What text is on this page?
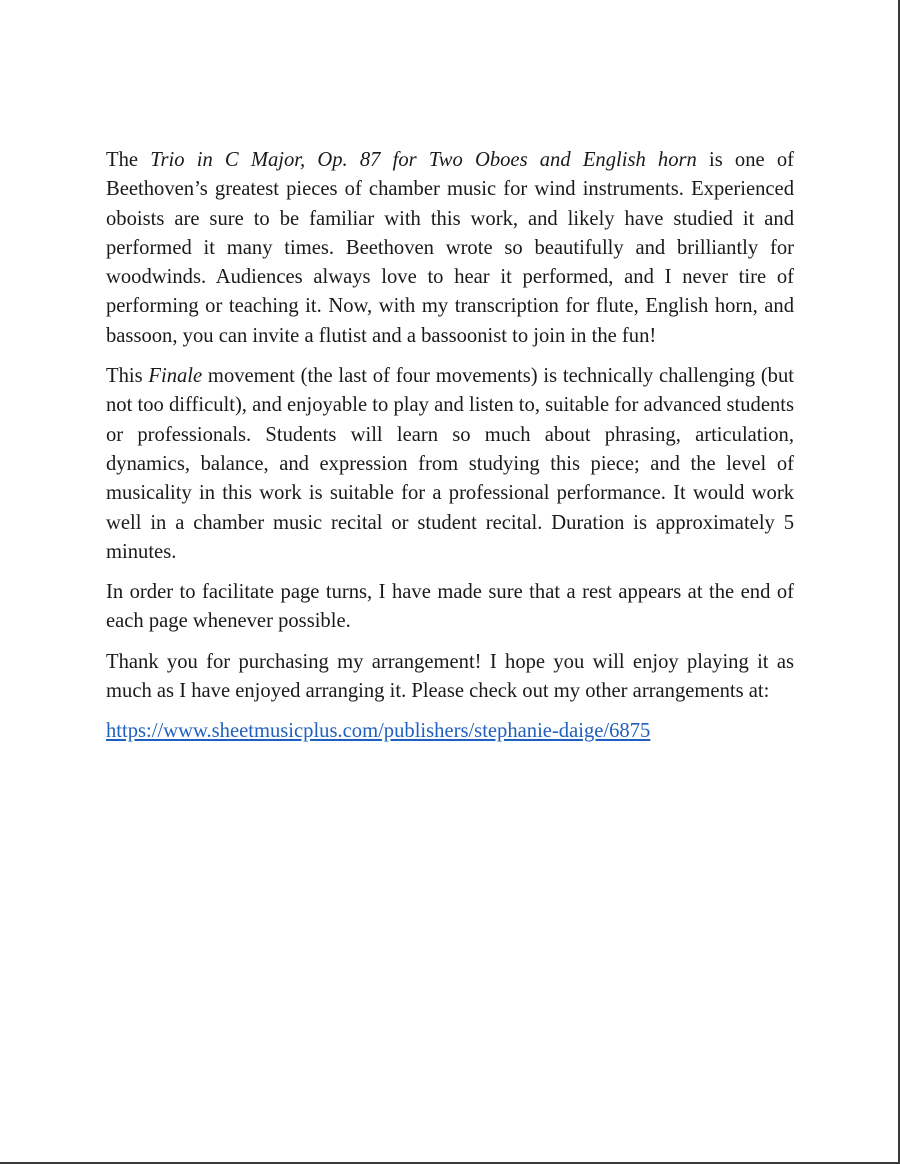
The Trio in C Major, Op. 87 for Two Oboes and English horn is one of Beethoven’s greatest pieces of chamber music for wind instruments. Experienced oboists are sure to be familiar with this work, and likely have studied it and performed it many times. Beethoven wrote so beautifully and brilliantly for woodwinds. Audiences always love to hear it performed, and I never tire of performing or teaching it. Now, with my transcription for flute, English horn, and bassoon, you can invite a flutist and a bassoonist to join in the fun!

This Finale movement (the last of four movements) is technically challenging (but not too difficult), and enjoyable to play and listen to, suitable for advanced students or professionals. Students will learn so much about phrasing, articulation, dynamics, balance, and expression from studying this piece; and the level of musicality in this work is suitable for a professional performance. It would work well in a chamber music recital or student recital. Duration is approximately 5 minutes.

In order to facilitate page turns, I have made sure that a rest appears at the end of each page whenever possible.

Thank you for purchasing my arrangement! I hope you will enjoy playing it as much as I have enjoyed arranging it. Please check out my other arrangements at:

https://www.sheetmusicplus.com/publishers/stephanie-daige/6875
